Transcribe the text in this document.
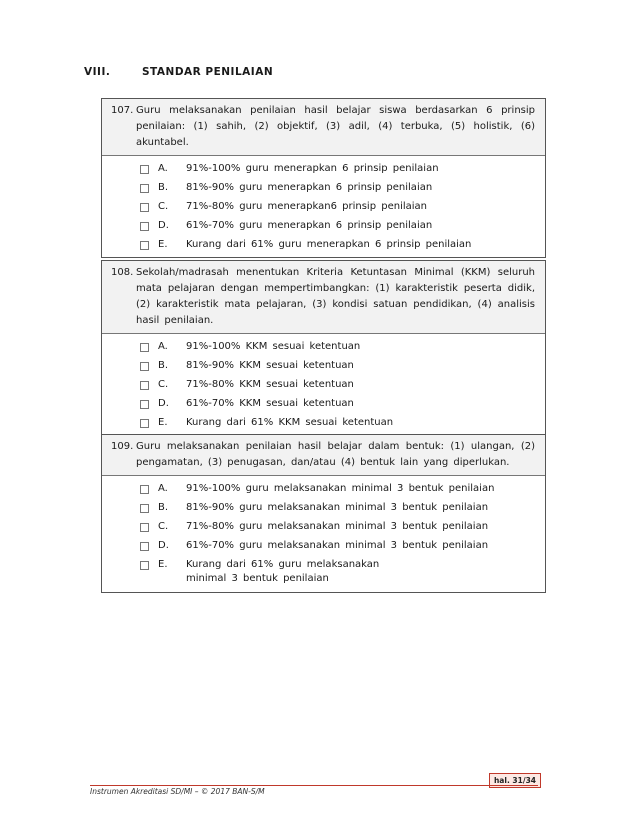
VIII.	STANDAR PENILAIAN
107. Guru melaksanakan penilaian hasil belajar siswa berdasarkan 6 prinsip penilaian: (1) sahih, (2) objektif, (3) adil, (4) terbuka, (5) holistik, (6) akuntabel.
A. 91%-100% guru menerapkan 6 prinsip penilaian
B. 81%-90% guru menerapkan 6 prinsip penilaian
C. 71%-80% guru menerapkan6 prinsip penilaian
D. 61%-70% guru menerapkan 6 prinsip penilaian
E. Kurang dari 61% guru menerapkan 6 prinsip penilaian
108. Sekolah/madrasah menentukan Kriteria Ketuntasan Minimal (KKM) seluruh mata pelajaran dengan mempertimbangkan: (1) karakteristik peserta didik, (2) karakteristik mata pelajaran, (3) kondisi satuan pendidikan, (4) analisis hasil penilaian.
A. 91%-100% KKM sesuai ketentuan
B. 81%-90% KKM sesuai ketentuan
C. 71%-80% KKM sesuai ketentuan
D. 61%-70% KKM sesuai ketentuan
E. Kurang dari 61% KKM sesuai ketentuan
109. Guru melaksanakan penilaian hasil belajar dalam bentuk: (1) ulangan, (2) pengamatan, (3) penugasan, dan/atau (4) bentuk lain yang diperlukan.
A. 91%-100% guru melaksanakan minimal 3 bentuk penilaian
B. 81%-90% guru melaksanakan minimal 3 bentuk penilaian
C. 71%-80% guru melaksanakan minimal 3 bentuk penilaian
D. 61%-70% guru melaksanakan minimal 3 bentuk penilaian
E. Kurang dari 61% guru melaksanakan minimal 3 bentuk penilaian
hal. 31/34
Instrumen Akreditasi SD/MI – © 2017 BAN-S/M
